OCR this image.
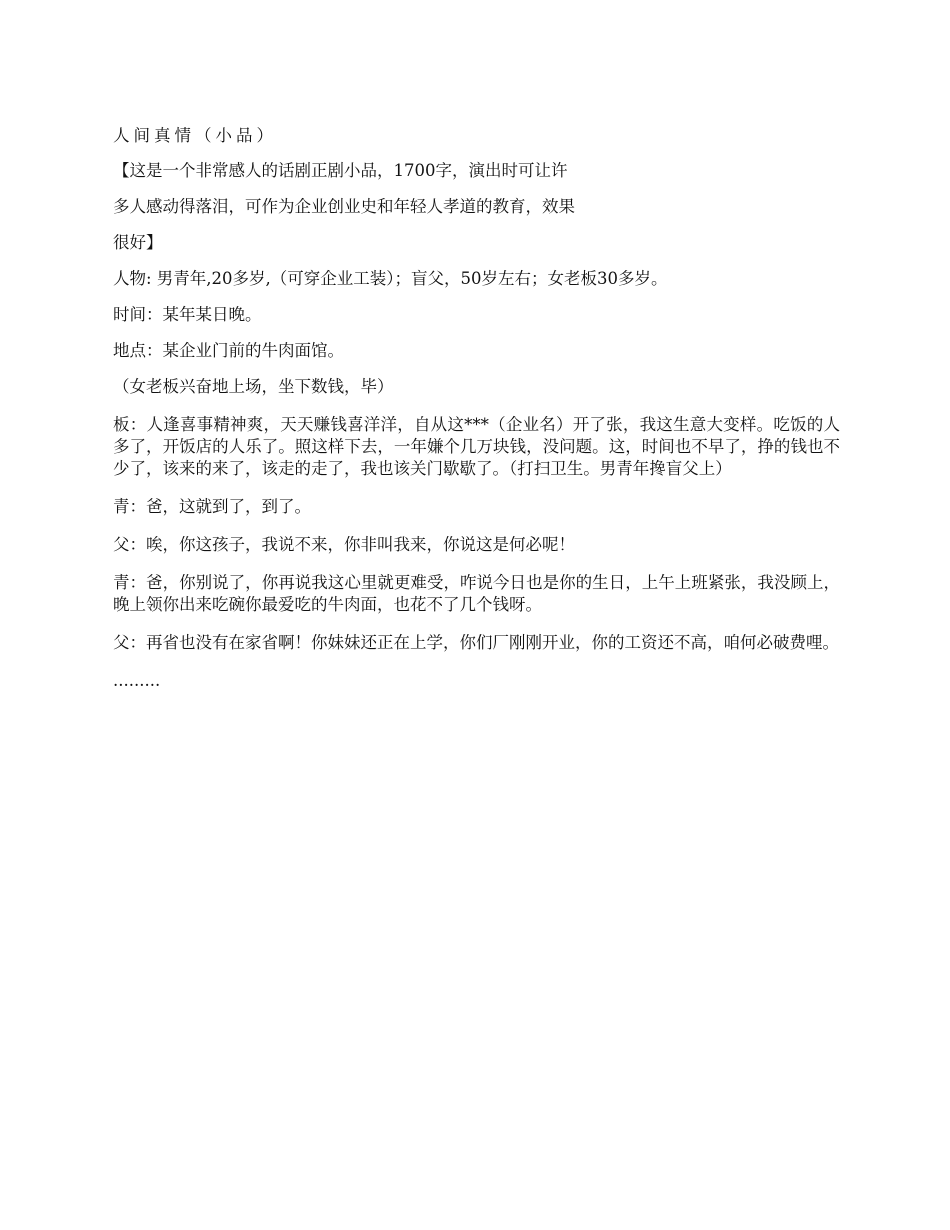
人间真情（小品）

【这是一个非常感人的话剧正剧小品，1700字，演出时可让许

多人感动得落泪，可作为企业创业史和年轻人孝道的教育，效果

很好】

人物: 男青年,20多岁,（可穿企业工装）；盲父，50岁左右；女老板30多岁。

时间：某年某日晚。

地点：某企业门前的牛肉面馆。

（女老板兴奋地上场，坐下数钱，毕）

板：人逢喜事精神爽，天天赚钱喜洋洋，自从这***（企业名）开了张，我这生意大变样。吃饭的人多了，开饭店的人乐了。照这样下去，一年嫌个几万块钱，没问题。这，时间也不早了，挣的钱也不少了，该来的来了，该走的走了，我也该关门歇歇了。（打扫卫生。男青年搀盲父上）

青：爸，这就到了，到了。

父：唉，你这孩子，我说不来，你非叫我来，你说这是何必呢！

青：爸，你别说了，你再说我这心里就更难受，咋说今日也是你的生日，上午上班紧张，我没顾上，晚上领你出来吃碗你最爱吃的牛肉面，也花不了几个钱呀。

父：再省也没有在家省啊！你妹妹还正在上学，你们厂刚刚开业，你的工资还不高，咱何必破费哩。

.........
